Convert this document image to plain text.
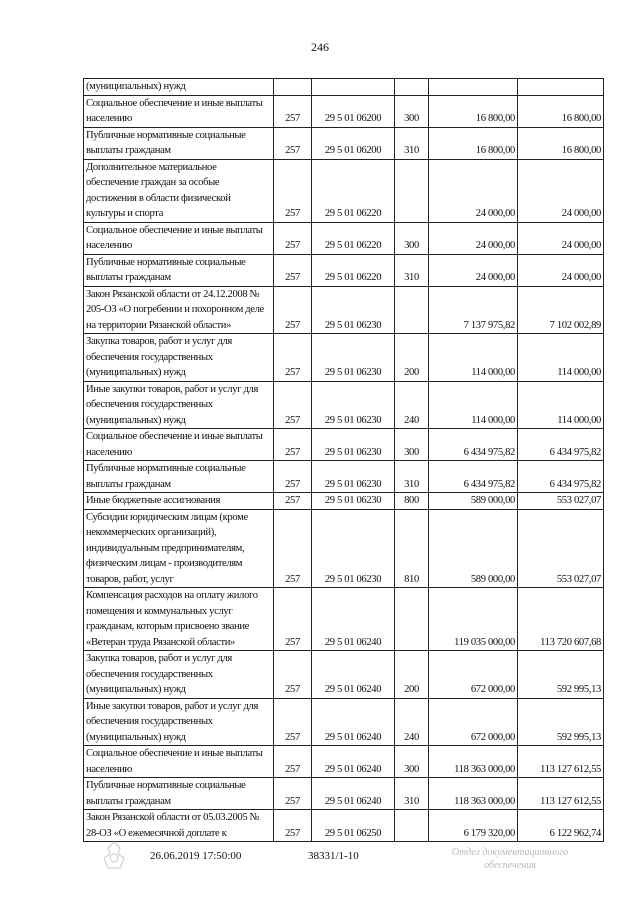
246
(муниципальных) нужд					
Социальное обеспечение и иные выплаты населению	257	29 5 01 06200	300	16 800,00	16 800,00
Публичные нормативные социальные выплаты гражданам	257	29 5 01 06200	310	16 800,00	16 800,00
Дополнительное материальное обеспечение граждан за особые достижения в области физической культуры и спорта	257	29 5 01 06220		24 000,00	24 000,00
Социальное обеспечение и иные выплаты населению	257	29 5 01 06220	300	24 000,00	24 000,00
Публичные нормативные социальные выплаты гражданам	257	29 5 01 06220	310	24 000,00	24 000,00
Закон Рязанской области от 24.12.2008 № 205-ОЗ «О погребении и похоронном деле на территории Рязанской области»	257	29 5 01 06230		7 137 975,82	7 102 002,89
Закупка товаров, работ и услуг для обеспечения государственных (муниципальных) нужд	257	29 5 01 06230	200	114 000,00	114 000,00
Иные закупки товаров, работ и услуг для обеспечения государственных (муниципальных) нужд	257	29 5 01 06230	240	114 000,00	114 000,00
Социальное обеспечение и иные выплаты населению	257	29 5 01 06230	300	6 434 975,82	6 434 975,82
Публичные нормативные социальные выплаты гражданам	257	29 5 01 06230	310	6 434 975,82	6 434 975,82
Иные бюджетные ассигнования	257	29 5 01 06230	800	589 000,00	553 027,07
Субсидии юридическим лицам (кроме некоммерческих организаций), индивидуальным предпринимателям, физическим лицам - производителям товаров, работ, услуг	257	29 5 01 06230	810	589 000,00	553 027,07
Компенсация расходов на оплату жилого помещения и коммунальных услуг гражданам, которым присвоено звание «Ветеран труда Рязанской области»	257	29 5 01 06240		119 035 000,00	113 720 607,68
Закупка товаров, работ и услуг для обеспечения государственных (муниципальных) нужд	257	29 5 01 06240	200	672 000,00	592 995,13
Иные закупки товаров, работ и услуг для обеспечения государственных (муниципальных) нужд	257	29 5 01 06240	240	672 000,00	592 995,13
Социальное обеспечение и иные выплаты населению	257	29 5 01 06240	300	118 363 000,00	113 127 612,55
Публичные нормативные социальные выплаты гражданам	257	29 5 01 06240	310	118 363 000,00	113 127 612,55
Закон Рязанской области от 05.03.2005 № 28-ОЗ «О ежемесячной доплате к	257	29 5 01 06250		6 179 320,00	6 122 962,74
26.06.2019 17:50:00	38331/1-10	Отдел документационного
обеспечения
